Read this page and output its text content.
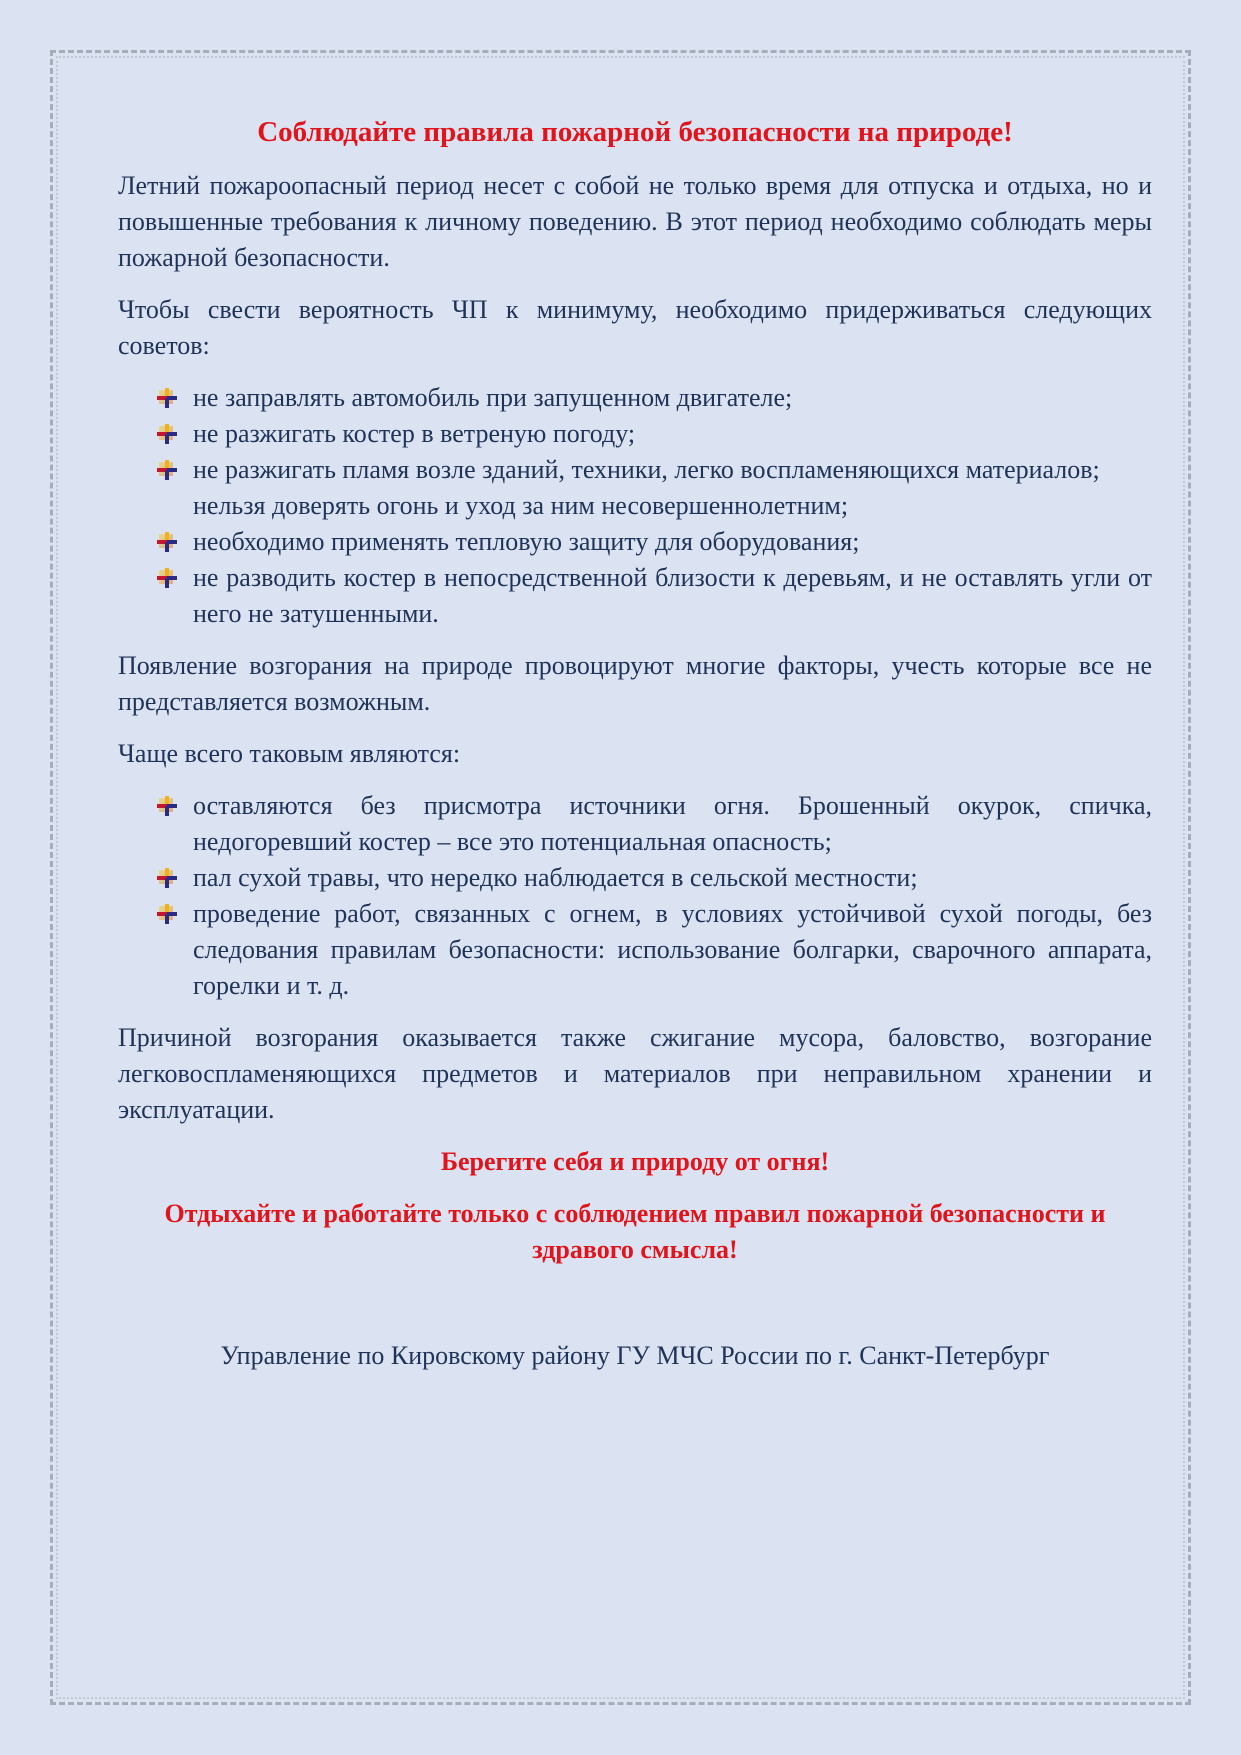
Соблюдайте правила пожарной безопасности на природе!

Летний пожароопасный период несет с собой не только время для отпуска и отдыха, но и повышенные требования к личному поведению. В этот период необходимо соблюдать меры пожарной безопасности.

Чтобы свести вероятность ЧП к минимуму, необходимо придерживаться следующих советов:

не заправлять автомобиль при запущенном двигателе;
не разжигать костер в ветреную погоду;
не разжигать пламя возле зданий, техники, легко воспламеняющихся материалов;
нельзя доверять огонь и уход за ним несовершеннолетним;
необходимо применять тепловую защиту для оборудования;
не разводить костер в непосредственной близости к деревьям, и не оставлять угли от него не затушенными.

Появление возгорания на природе провоцируют многие факторы, учесть которые все не представляется возможным.

Чаще всего таковым являются:

оставляются без присмотра источники огня. Брошенный окурок, спичка, недогоревший костер – все это потенциальная опасность;
пал сухой травы, что нередко наблюдается в сельской местности;
проведение работ, связанных с огнем, в условиях устойчивой сухой погоды, без следования правилам безопасности: использование болгарки, сварочного аппарата, горелки и т. д.

Причиной возгорания оказывается также сжигание мусора, баловство, возгорание легковоспламеняющихся предметов и материалов при неправильном хранении и эксплуатации.

Берегите себя и природу от огня!

Отдыхайте и работайте только с соблюдением правил пожарной безопасности и здравого смысла!

Управление по Кировскому району ГУ МЧС России по г. Санкт-Петербург
